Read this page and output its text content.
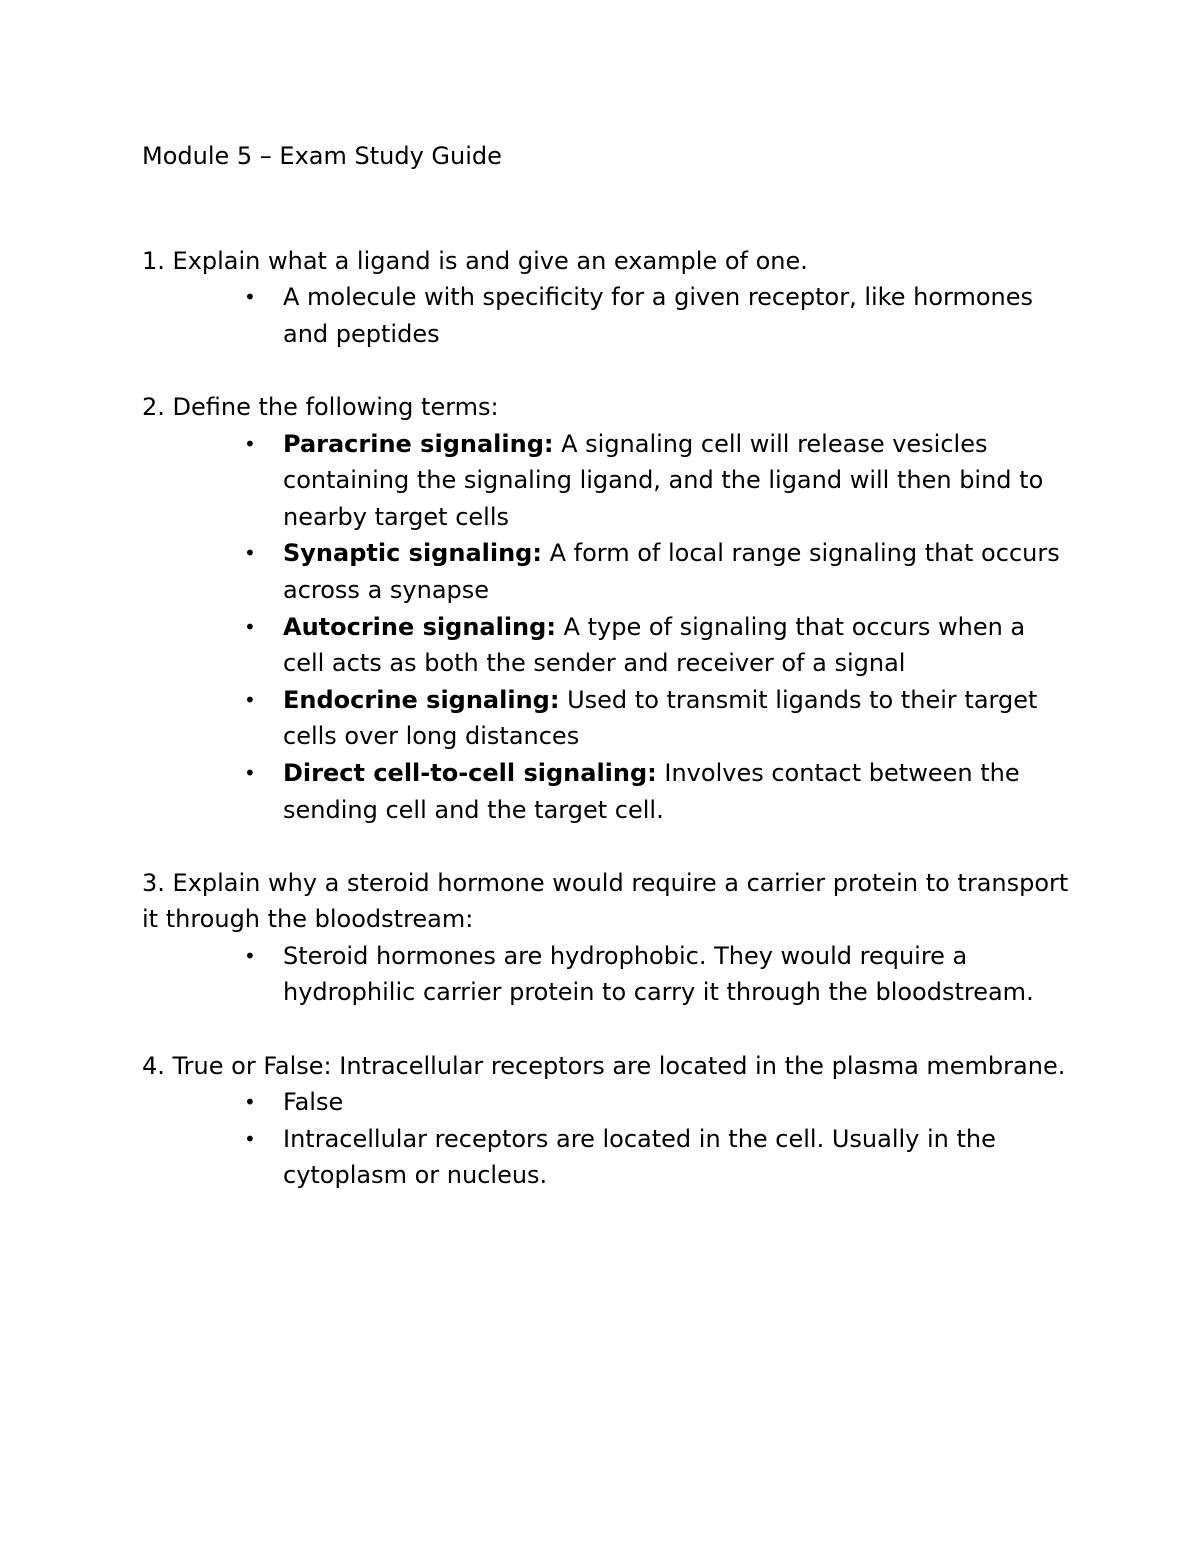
Module 5 – Exam Study Guide

1. Explain what a ligand is and give an example of one.

• A molecule with specificity for a given receptor, like hormones and peptides

2. Define the following terms:

• Paracrine signaling: A signaling cell will release vesicles containing the signaling ligand, and the ligand will then bind to nearby target cells
• Synaptic signaling: A form of local range signaling that occurs across a synapse
• Autocrine signaling: A type of signaling that occurs when a cell acts as both the sender and receiver of a signal
• Endocrine signaling: Used to transmit ligands to their target cells over long distances
• Direct cell-to-cell signaling: Involves contact between the sending cell and the target cell.

3. Explain why a steroid hormone would require a carrier protein to transport it through the bloodstream:

• Steroid hormones are hydrophobic. They would require a hydrophilic carrier protein to carry it through the bloodstream.

4. True or False: Intracellular receptors are located in the plasma membrane.

• False
• Intracellular receptors are located in the cell. Usually in the cytoplasm or nucleus.
